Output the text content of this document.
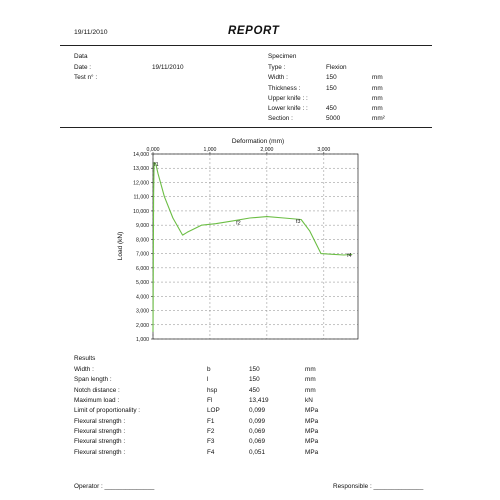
19/11/2010	REPORT
Data
Date :	19/11/2010
Test n° :
Specimen
Type :	Flexion
Width :	150	mm
Thickness :	150	mm
Upper knife : :	mm
Lower knife : :	450	mm
Section :	5000	mm²
Deformation (mm)
0,000	1,000	2,000	3,000
1,000
2,000
3,000
4,000
5,000
6,000
7,000
8,000
9,000
10,000
11,000
12,000
13,000
14,000
Load (kN)
f1
f2	f3
f4
Results
Width :	b	150	mm
Span length :	l	150	mm
Notch distance :	hsp	450	mm
Maximum load :	Fl	13,419	kN
Limit of proportionality :	LOP	0,099	MPa
Flexural strength :	F1	0,099	MPa
Flexural strength :	F2	0,069	MPa
Flexural strength :	F3	0,069	MPa
Flexural strength :	F4	0,051	MPa
Operator : ______________	Responsible : ______________
